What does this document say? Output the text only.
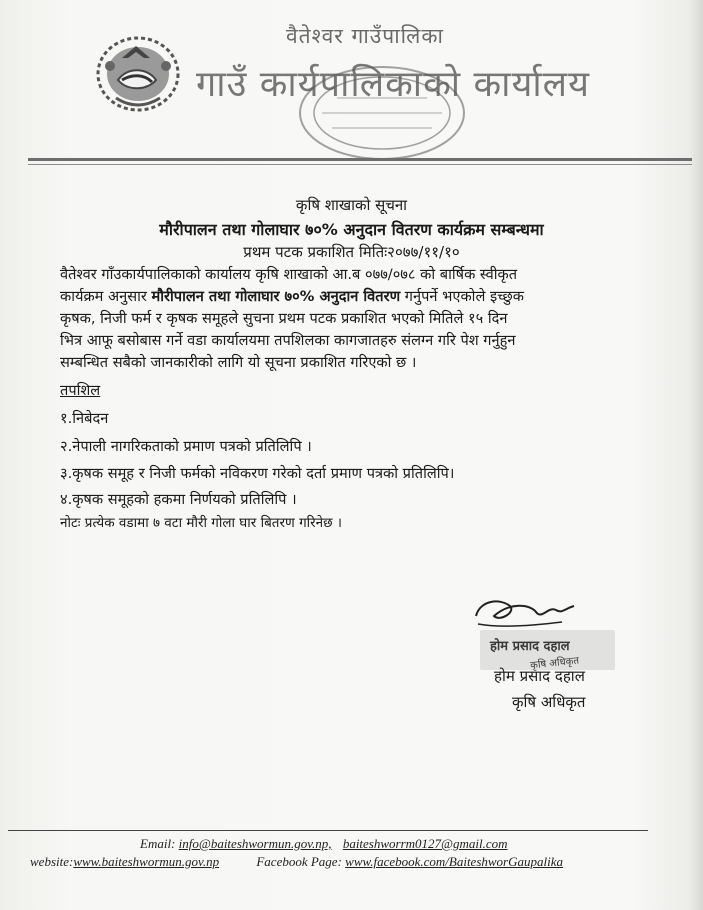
वैतेश्वर गाउँपालिका
गाउँ कार्यपालिकाको कार्यालय
कृषि शाखाको सूचना
मौरीपालन तथा गोलाघार ७०% अनुदान वितरण कार्यक्रम सम्बन्धमा
प्रथम पटक प्रकाशित मितिः२०७७/११/१०
वैतेश्वर गाँउकार्यपालिकाको कार्यालय कृषि शाखाको आ.ब ०७७/०७८ को बार्षिक स्वीकृत
कार्यक्रम अनुसार मौरीपालन तथा गोलाघार ७०% अनुदान वितरण गर्नुपर्ने भएकोले इच्छुक
कृषक, निजी फर्म र कृषक समूहले सुचना प्रथम पटक प्रकाशित भएको मितिले १५ दिन
भित्र आफू बसोबास गर्ने वडा कार्यालयमा तपशिलका कागजातहरु संलग्न गरि पेश गर्नुहुन
सम्बन्धित सबैको जानकारीको लागि यो सूचना प्रकाशित गरिएको छ ।
तपशिल
१.निबेदन
२.नेपाली नागरिकताको प्रमाण पत्रको प्रतिलिपि ।
३.कृषक समूह र निजी फर्मको नविकरण गरेको दर्ता प्रमाण पत्रको प्रतिलिपि।
४.कृषक समूहको हकमा निर्णयको प्रतिलिपि ।
नोटः प्रत्येक वडामा ७ वटा मौरी गोला घार बितरण गरिनेछ ।
होम प्रसाद दहाल
कृषि अधिकृत
होम प्रसाद दहाल
कृषि अधिकृत
Email: info@baiteshwormun.gov.np, baiteshworrm0127@gmail.com
website:www.baiteshwormun.gov.np	Facebook Page: www.facebook.com/BaiteshworGaupalika
